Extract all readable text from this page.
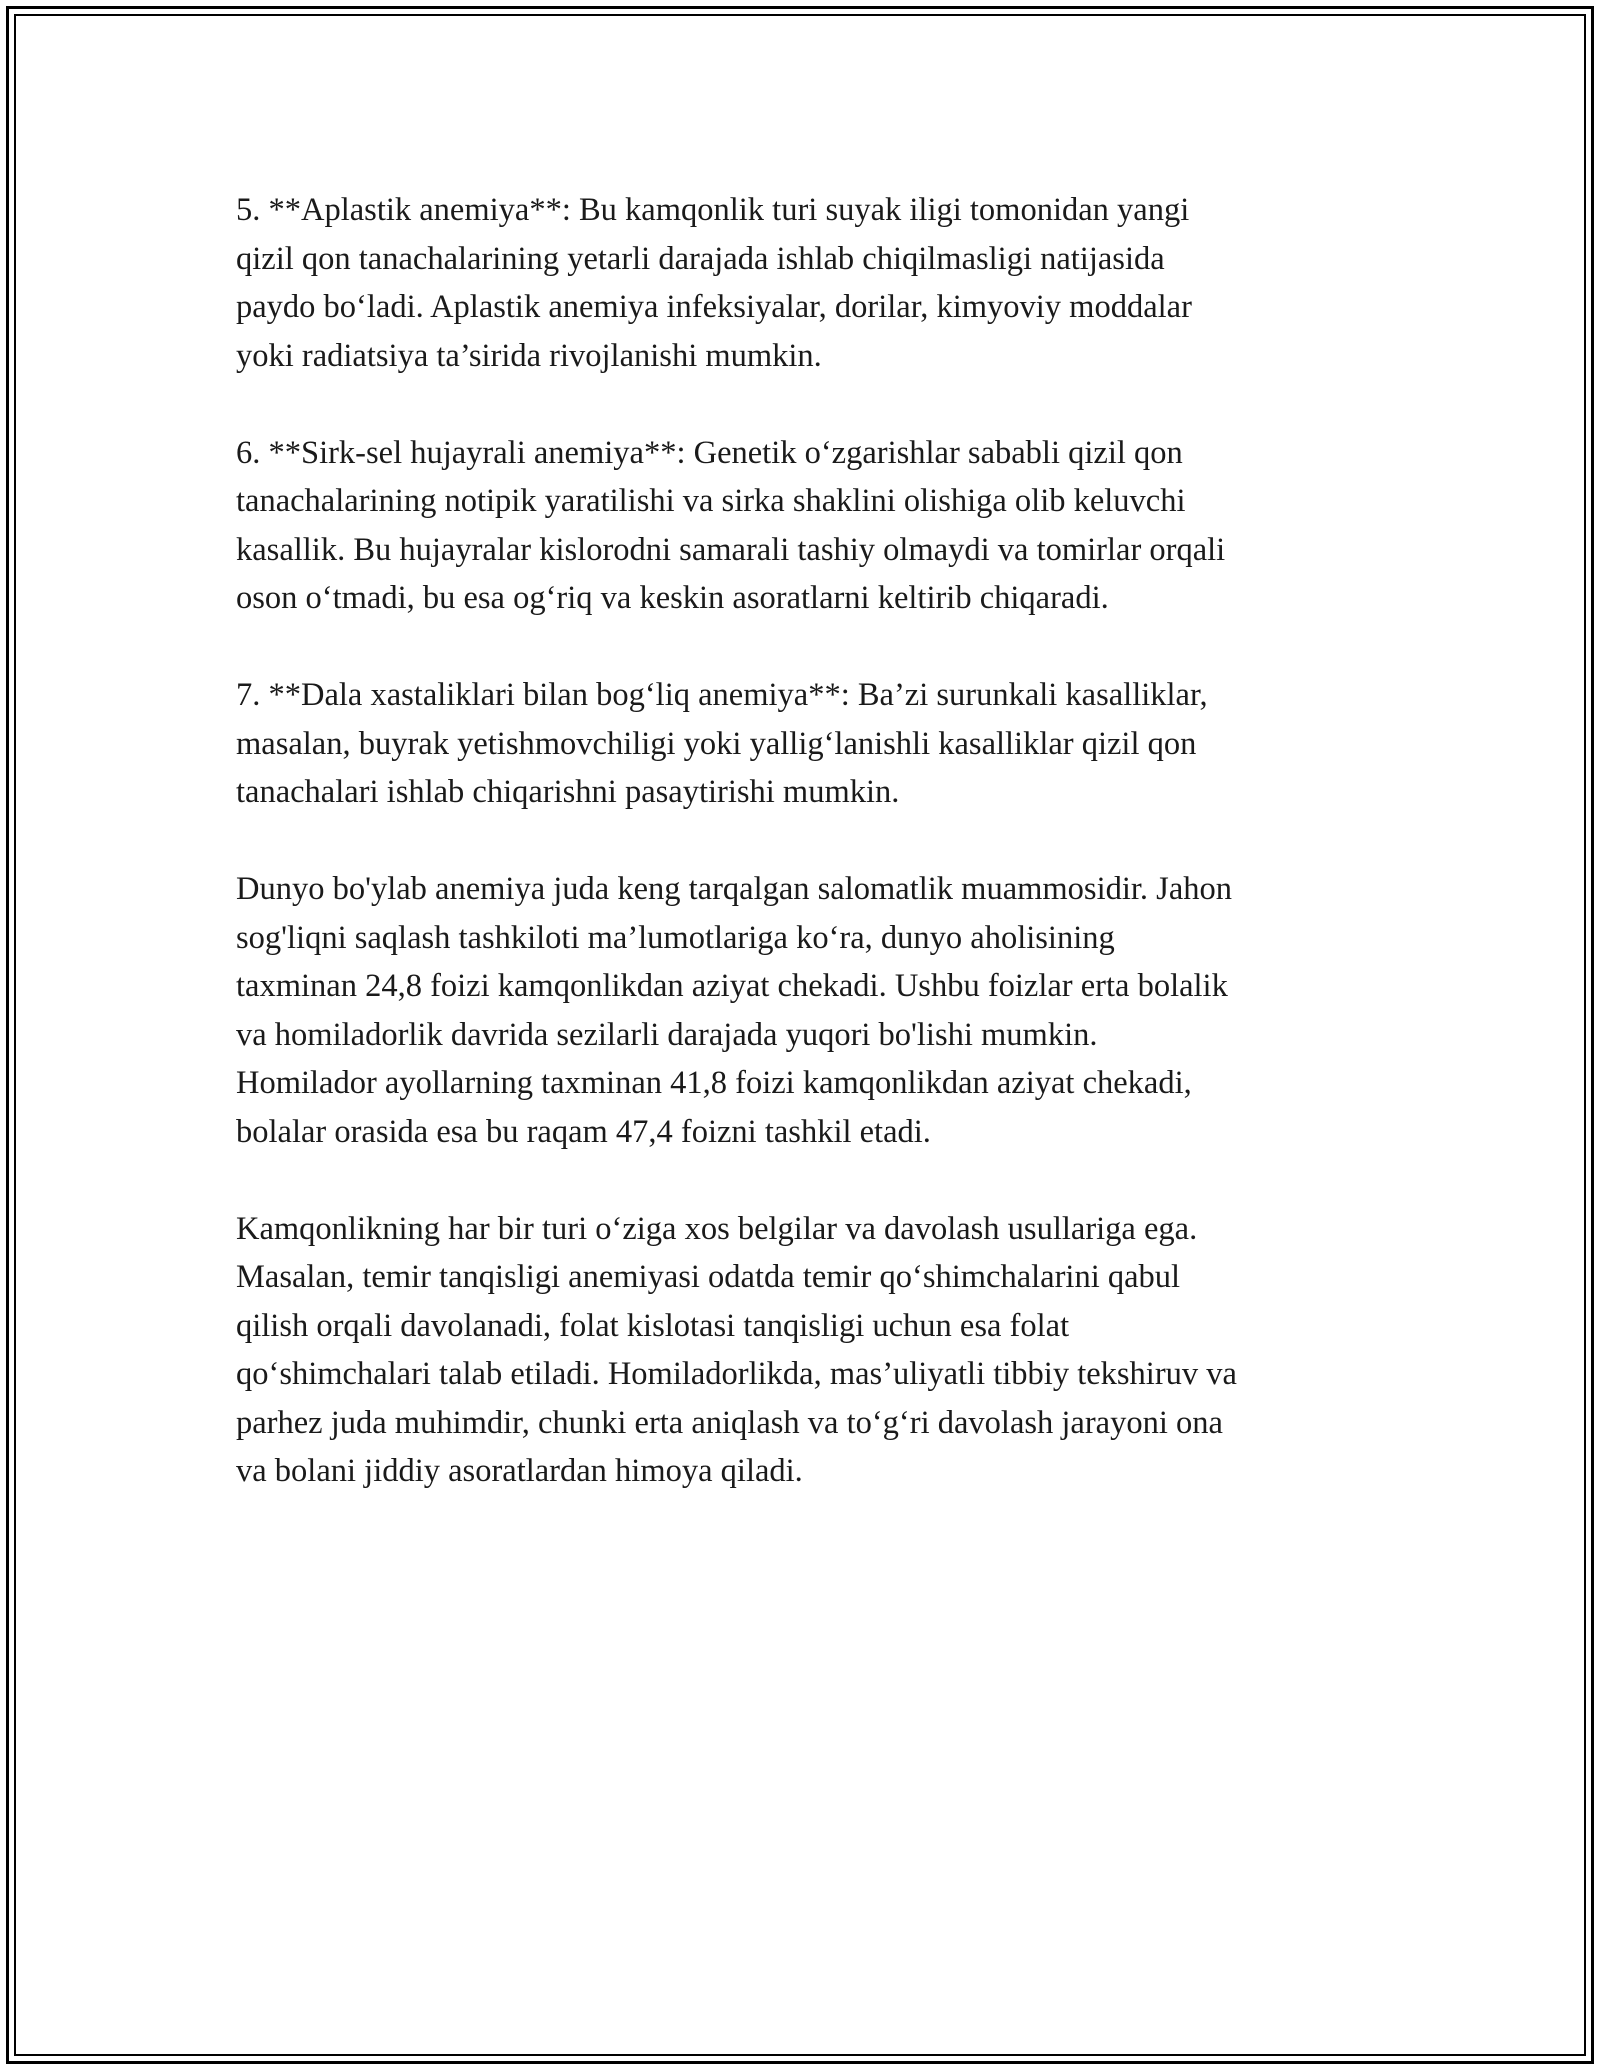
5. **Aplastik anemiya**: Bu kamqonlik turi suyak iligi tomonidan yangi
qizil qon tanachalarining yetarli darajada ishlab chiqilmasligi natijasida
paydo bo‘ladi. Aplastik anemiya infeksiyalar, dorilar, kimyoviy moddalar
yoki radiatsiya ta’sirida rivojlanishi mumkin.

6. **Sirk-sel hujayrali anemiya**: Genetik o‘zgarishlar sababli qizil qon
tanachalarining notipik yaratilishi va sirka shaklini olishiga olib keluvchi
kasallik. Bu hujayralar kislorodni samarali tashiy olmaydi va tomirlar orqali
oson o‘tmadi, bu esa og‘riq va keskin asoratlarni keltirib chiqaradi.

7. **Dala xastaliklari bilan bog‘liq anemiya**: Ba’zi surunkali kasalliklar,
masalan, buyrak yetishmovchiligi yoki yallig‘lanishli kasalliklar qizil qon
tanachalari ishlab chiqarishni pasaytirishi mumkin.

Dunyo bo'ylab anemiya juda keng tarqalgan salomatlik muammosidir. Jahon
sog'liqni saqlash tashkiloti ma’lumotlariga ko‘ra, dunyo aholisining
taxminan 24,8 foizi kamqonlikdan aziyat chekadi. Ushbu foizlar erta bolalik
va homiladorlik davrida sezilarli darajada yuqori bo'lishi mumkin.
Homilador ayollarning taxminan 41,8 foizi kamqonlikdan aziyat chekadi,
bolalar orasida esa bu raqam 47,4 foizni tashkil etadi.

Kamqonlikning har bir turi o‘ziga xos belgilar va davolash usullariga ega.
Masalan, temir tanqisligi anemiyasi odatda temir qo‘shimchalarini qabul
qilish orqali davolanadi, folat kislotasi tanqisligi uchun esa folat
qo‘shimchalari talab etiladi. Homiladorlikda, mas’uliyatli tibbiy tekshiruv va
parhez juda muhimdir, chunki erta aniqlash va to‘g‘ri davolash jarayoni ona
va bolani jiddiy asoratlardan himoya qiladi.
